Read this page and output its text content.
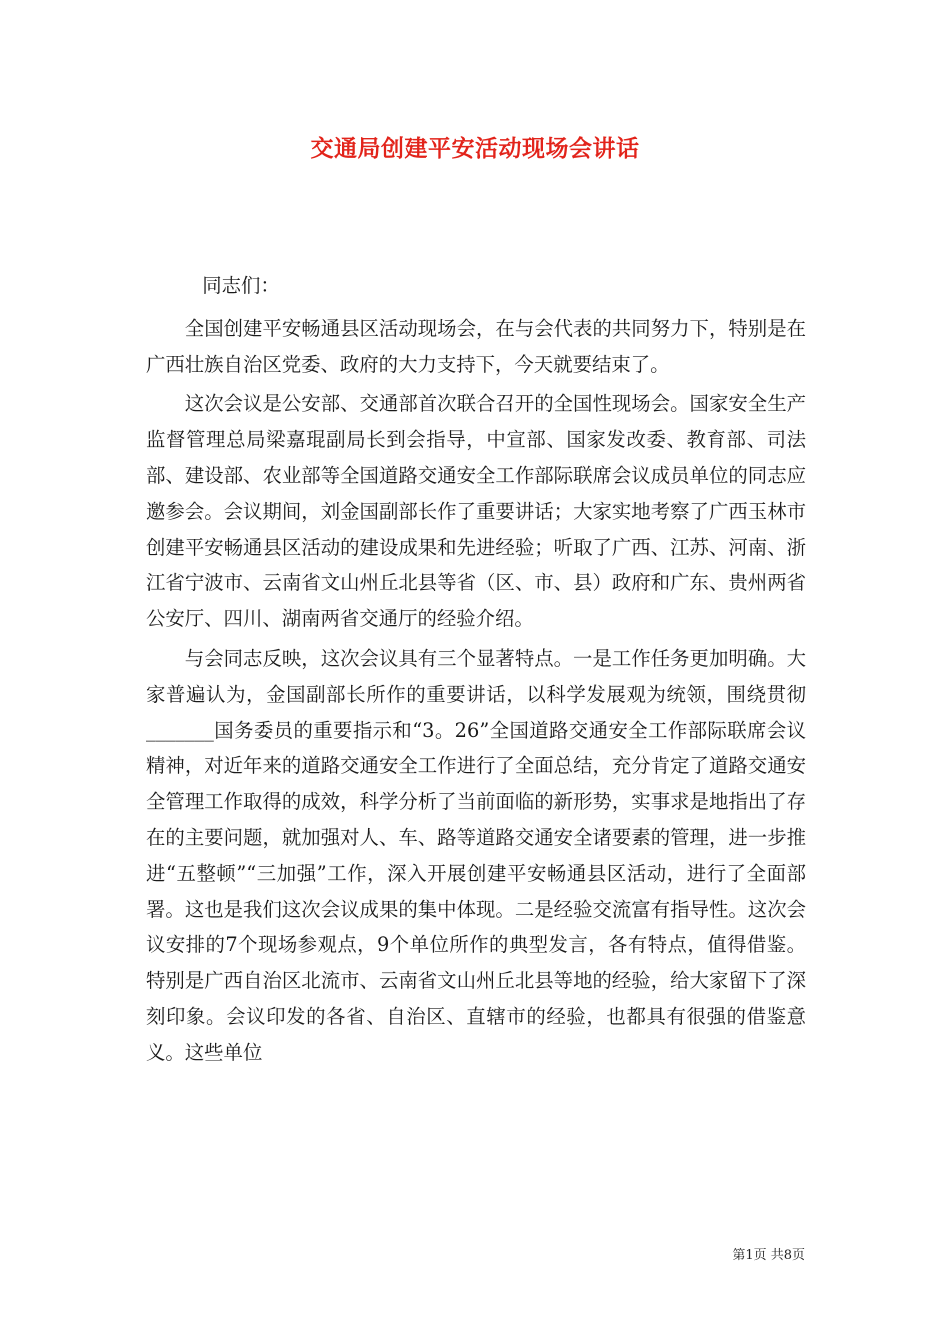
交通局创建平安活动现场会讲话

同志们：

全国创建平安畅通县区活动现场会，在与会代表的共同努力下，特别是在广西壮族自治区党委、政府的大力支持下，今天就要结束了。

这次会议是公安部、交通部首次联合召开的全国性现场会。国家安全生产监督管理总局梁嘉琨副局长到会指导，中宣部、国家发改委、教育部、司法部、建设部、农业部等全国道路交通安全工作部际联席会议成员单位的同志应邀参会。会议期间，刘金国副部长作了重要讲话；大家实地考察了广西玉林市创建平安畅通县区活动的建设成果和先进经验；听取了广西、江苏、河南、浙江省宁波市、云南省文山州丘北县等省（区、市、县）政府和广东、贵州两省公安厅、四川、湖南两省交通厅的经验介绍。

与会同志反映，这次会议具有三个显著特点。一是工作任务更加明确。大家普遍认为，金国副部长所作的重要讲话，以科学发展观为统领，围绕贯彻_______国务委员的重要指示和“3。26”全国道路交通安全工作部际联席会议精神，对近年来的道路交通安全工作进行了全面总结，充分肯定了道路交通安全管理工作取得的成效，科学分析了当前面临的新形势，实事求是地指出了存在的主要问题，就加强对人、车、路等道路交通安全诸要素的管理，进一步推进“五整顿”“三加强”工作，深入开展创建平安畅通县区活动，进行了全面部署。这也是我们这次会议成果的集中体现。二是经验交流富有指导性。这次会议安排的7个现场参观点，9个单位所作的典型发言，各有特点，值得借鉴。特别是广西自治区北流市、云南省文山州丘北县等地的经验，给大家留下了深刻印象。会议印发的各省、自治区、直辖市的经验，也都具有很强的借鉴意义。这些单位

第1页 共8页
